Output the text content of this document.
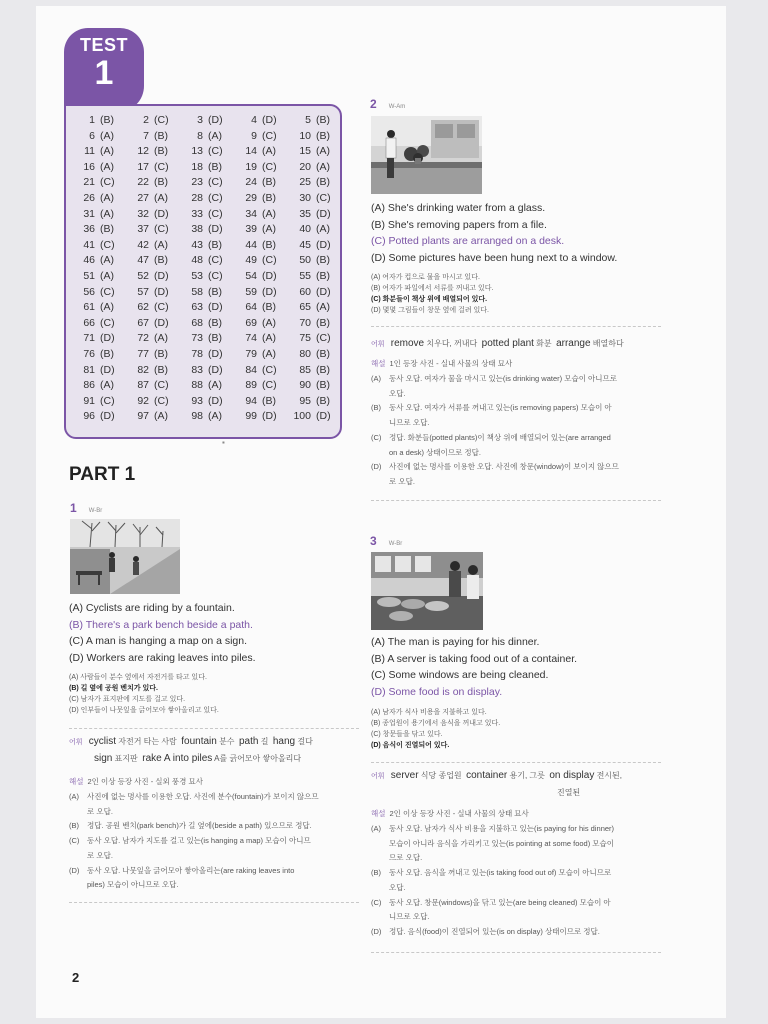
TEST
1
1 (B)	2 (C)	3 (D)	4 (D)	5 (B)
6 (A)	7 (B)	8 (A)	9 (C)	10 (B)
11 (A)	12 (B)	13 (C)	14 (A)	15 (A)
16 (A)	17 (C)	18 (B)	19 (C)	20 (A)
21 (C)	22 (B)	23 (C)	24 (B)	25 (B)
26 (A)	27 (A)	28 (C)	29 (B)	30 (C)
31 (A)	32 (D)	33 (C)	34 (A)	35 (D)
36 (B)	37 (C)	38 (D)	39 (A)	40 (A)
41 (C)	42 (A)	43 (B)	44 (B)	45 (D)
46 (A)	47 (B)	48 (C)	49 (C)	50 (B)
51 (A)	52 (D)	53 (C)	54 (D)	55 (B)
56 (C)	57 (D)	58 (B)	59 (D)	60 (D)
61 (A)	62 (C)	63 (D)	64 (B)	65 (A)
66 (C)	67 (D)	68 (B)	69 (A)	70 (B)
71 (D)	72 (A)	73 (B)	74 (A)	75 (C)
76 (B)	77 (B)	78 (D)	79 (A)	80 (B)
81 (D)	82 (B)	83 (D)	84 (C)	85 (B)
86 (A)	87 (C)	88 (A)	89 (C)	90 (B)
91 (C)	92 (C)	93 (D)	94 (B)	95 (B)
96 (D)	97 (A)	98 (A)	99 (D)	100 (D)
▪
PART 1
1 W-Br
(A) Cyclists are riding by a fountain.
(B) There's a park bench beside a path.
(C) A man is hanging a map on a sign.
(D) Workers are raking leaves into piles.
(A) 사람들이 분수 옆에서 자전거를 타고 있다.
(B) 길 옆에 공원 벤치가 있다.
(C) 남자가 표지판에 지도를 걸고 있다.
(D) 인부들이 나뭇잎을 긁어모아 쌓아올리고 있다.
어휘 cyclist 자전거 타는 사람 fountain 분수 path 길 hang 걸다
sign 표지판 rake A into piles A를 긁어모아 쌓아올리다
해설 2인 이상 등장 사진 - 실외 풍경 묘사
(A)	사진에 없는 명사를 이용한 오답. 사진에 분수(fountain)가 보이지 않으므
로 오답.
(B)	정답. 공원 벤치(park bench)가 길 옆에(beside a path) 있으므로 정답.
(C)	동사 오답. 남자가 지도를 걸고 있는(is hanging a map) 모습이 아니므
로 오답.
(D)	동사 오답. 나뭇잎을 긁어모아 쌓아올리는(are raking leaves into
piles) 모습이 아니므로 오답.
2 W-Am
(A) She's drinking water from a glass.
(B) She's removing papers from a file.
(C) Potted plants are arranged on a desk.
(D) Some pictures have been hung next to a window.
(A) 여자가 컵으로 물을 마시고 있다.
(B) 여자가 파일에서 서류를 꺼내고 있다.
(C) 화분들이 책상 위에 배열되어 있다.
(D) 몇몇 그림들이 창문 옆에 걸려 있다.
어휘 remove 치우다, 꺼내다 potted plant 화분 arrange 배열하다
해설 1인 등장 사진 - 실내 사물의 상태 묘사
(A)	동사 오답. 여자가 물을 마시고 있는(is drinking water) 모습이 아니므로
오답.
(B)	동사 오답. 여자가 서류를 꺼내고 있는(is removing papers) 모습이 아
니므로 오답.
(C)	정답. 화분들(potted plants)이 책상 위에 배열되어 있는(are arranged
on a desk) 상태이므로 정답.
(D)	사진에 없는 명사를 이용한 오답. 사진에 창문(window)이 보이지 않으므
로 오답.
3 W-Br
(A) The man is paying for his dinner.
(B) A server is taking food out of a container.
(C) Some windows are being cleaned.
(D) Some food is on display.
(A) 남자가 식사 비용을 지불하고 있다.
(B) 종업원이 용기에서 음식을 꺼내고 있다.
(C) 창문들을 닦고 있다.
(D) 음식이 진열되어 있다.
어휘 server 식당 종업원 container 용기, 그릇 on display 전시된,
진열된
해설 2인 이상 등장 사진 - 실내 사물의 상태 묘사
(A)	동사 오답. 남자가 식사 비용을 지불하고 있는(is paying for his dinner)
모습이 아니라 음식을 가리키고 있는(is pointing at some food) 모습이
므로 오답.
(B)	동사 오답. 음식을 꺼내고 있는(is taking food out of) 모습이 아니므로
오답.
(C)	동사 오답. 창문(windows)을 닦고 있는(are being cleaned) 모습이 아
니므로 오답.
(D)	정답. 음식(food)이 진열되어 있는(is on display) 상태이므로 정답.
2
